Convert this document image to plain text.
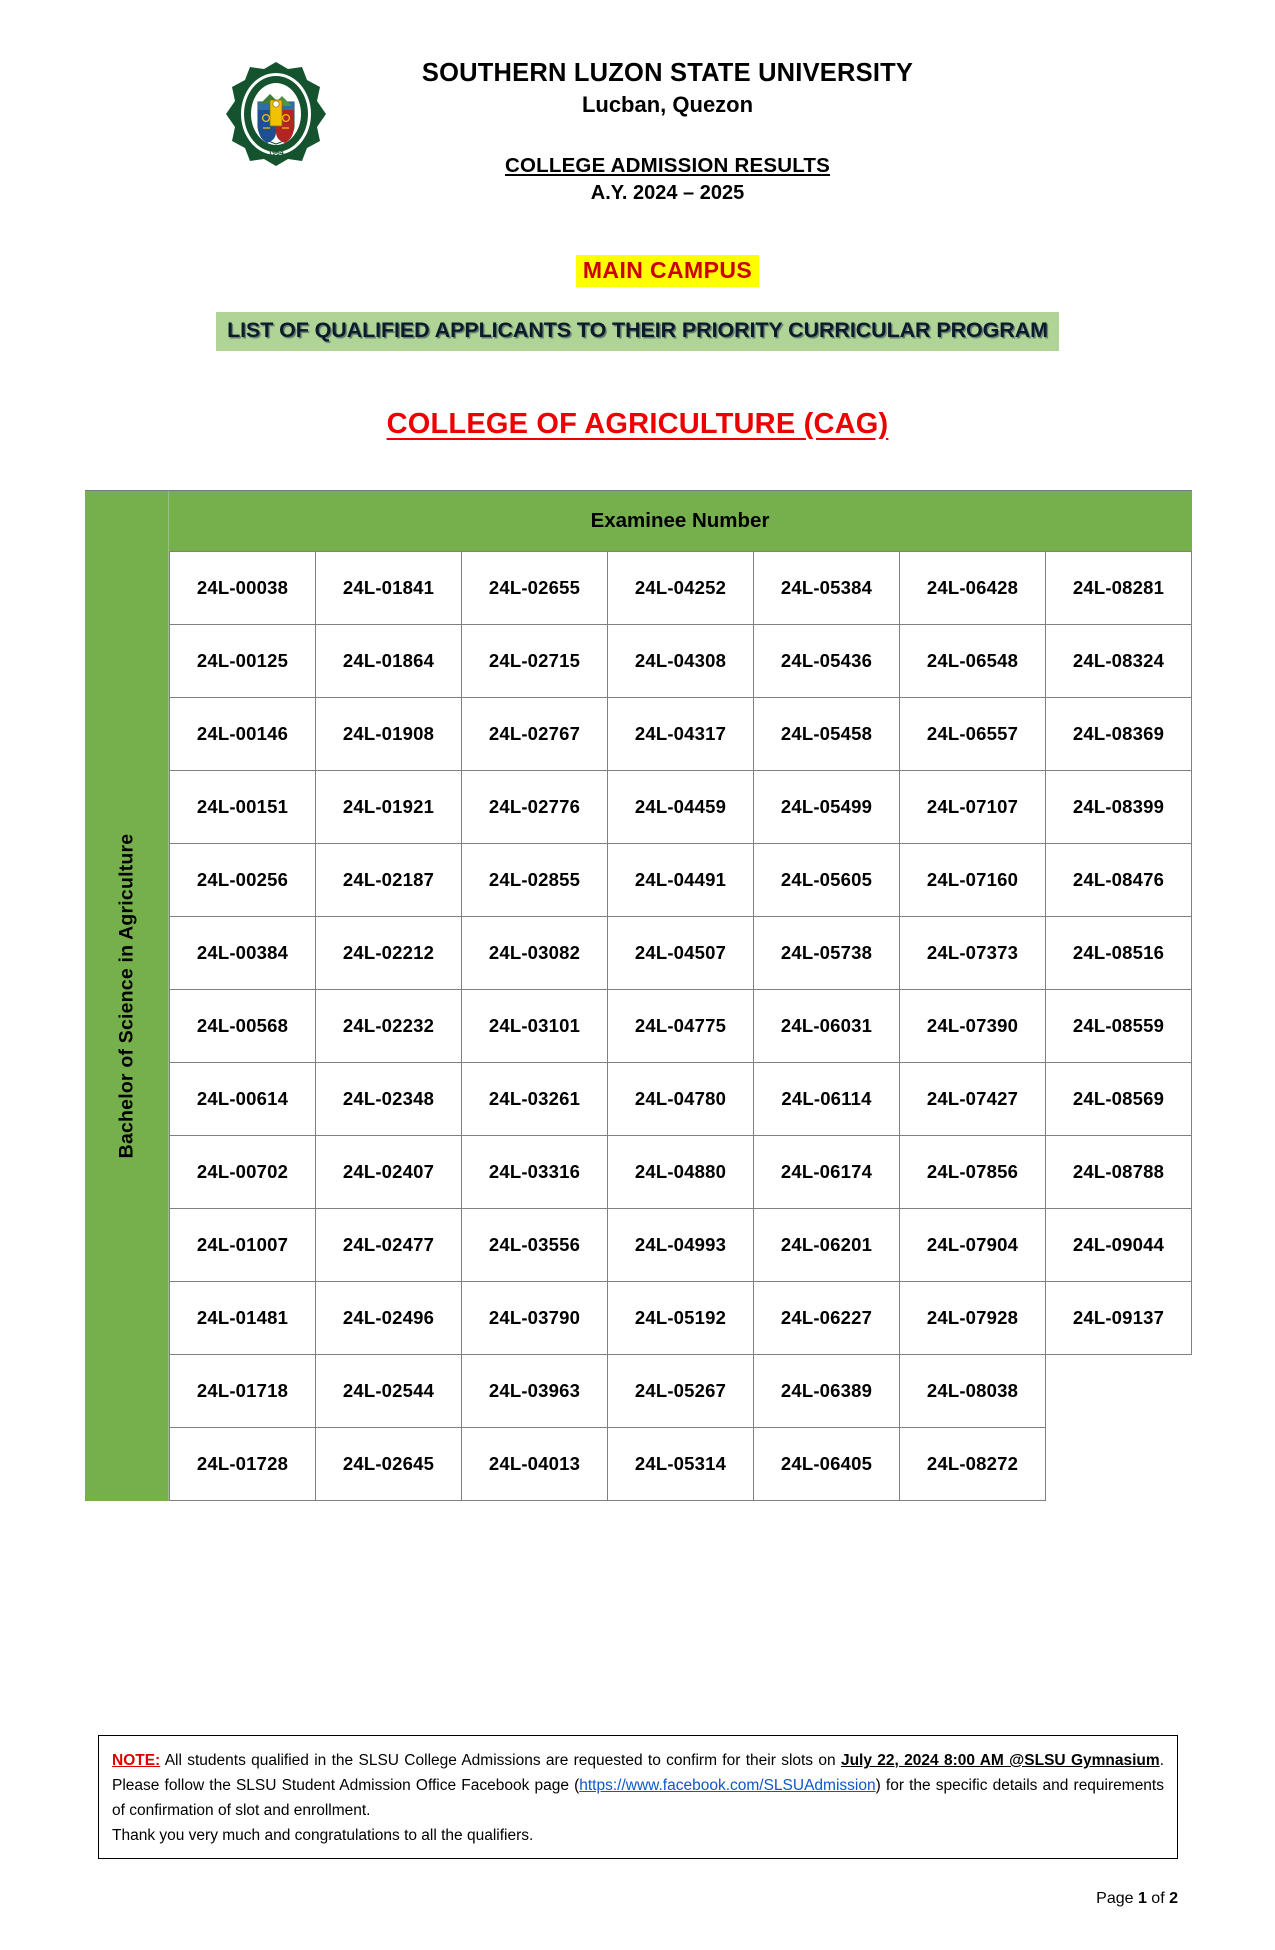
1964
SOUTHERN LUZON STATE UNIVERSITY
Lucban, Quezon
COLLEGE ADMISSION RESULTS
A.Y. 2024 – 2025
MAIN CAMPUS
LIST OF QUALIFIED APPLICANTS TO THEIR PRIORITY CURRICULAR PROGRAM
COLLEGE OF AGRICULTURE (CAG)
Bachelor of Science in Agriculture
Examinee Number
24L-00038	24L-01841	24L-02655	24L-04252	24L-05384	24L-06428	24L-08281
24L-00125	24L-01864	24L-02715	24L-04308	24L-05436	24L-06548	24L-08324
24L-00146	24L-01908	24L-02767	24L-04317	24L-05458	24L-06557	24L-08369
24L-00151	24L-01921	24L-02776	24L-04459	24L-05499	24L-07107	24L-08399
24L-00256	24L-02187	24L-02855	24L-04491	24L-05605	24L-07160	24L-08476
24L-00384	24L-02212	24L-03082	24L-04507	24L-05738	24L-07373	24L-08516
24L-00568	24L-02232	24L-03101	24L-04775	24L-06031	24L-07390	24L-08559
24L-00614	24L-02348	24L-03261	24L-04780	24L-06114	24L-07427	24L-08569
24L-00702	24L-02407	24L-03316	24L-04880	24L-06174	24L-07856	24L-08788
24L-01007	24L-02477	24L-03556	24L-04993	24L-06201	24L-07904	24L-09044
24L-01481	24L-02496	24L-03790	24L-05192	24L-06227	24L-07928	24L-09137
24L-01718	24L-02544	24L-03963	24L-05267	24L-06389	24L-08038	
24L-01728	24L-02645	24L-04013	24L-05314	24L-06405	24L-08272	

NOTE: All students qualified in the SLSU College Admissions are requested to confirm for their slots on July 22, 2024 8:00 AM @SLSU Gymnasium. Please follow the SLSU Student Admission Office Facebook page (https://www.facebook.com/SLSUAdmission) for the specific details and requirements of confirmation of slot and enrollment.

Thank you very much and congratulations to all the qualifiers.

Page 1 of 2
